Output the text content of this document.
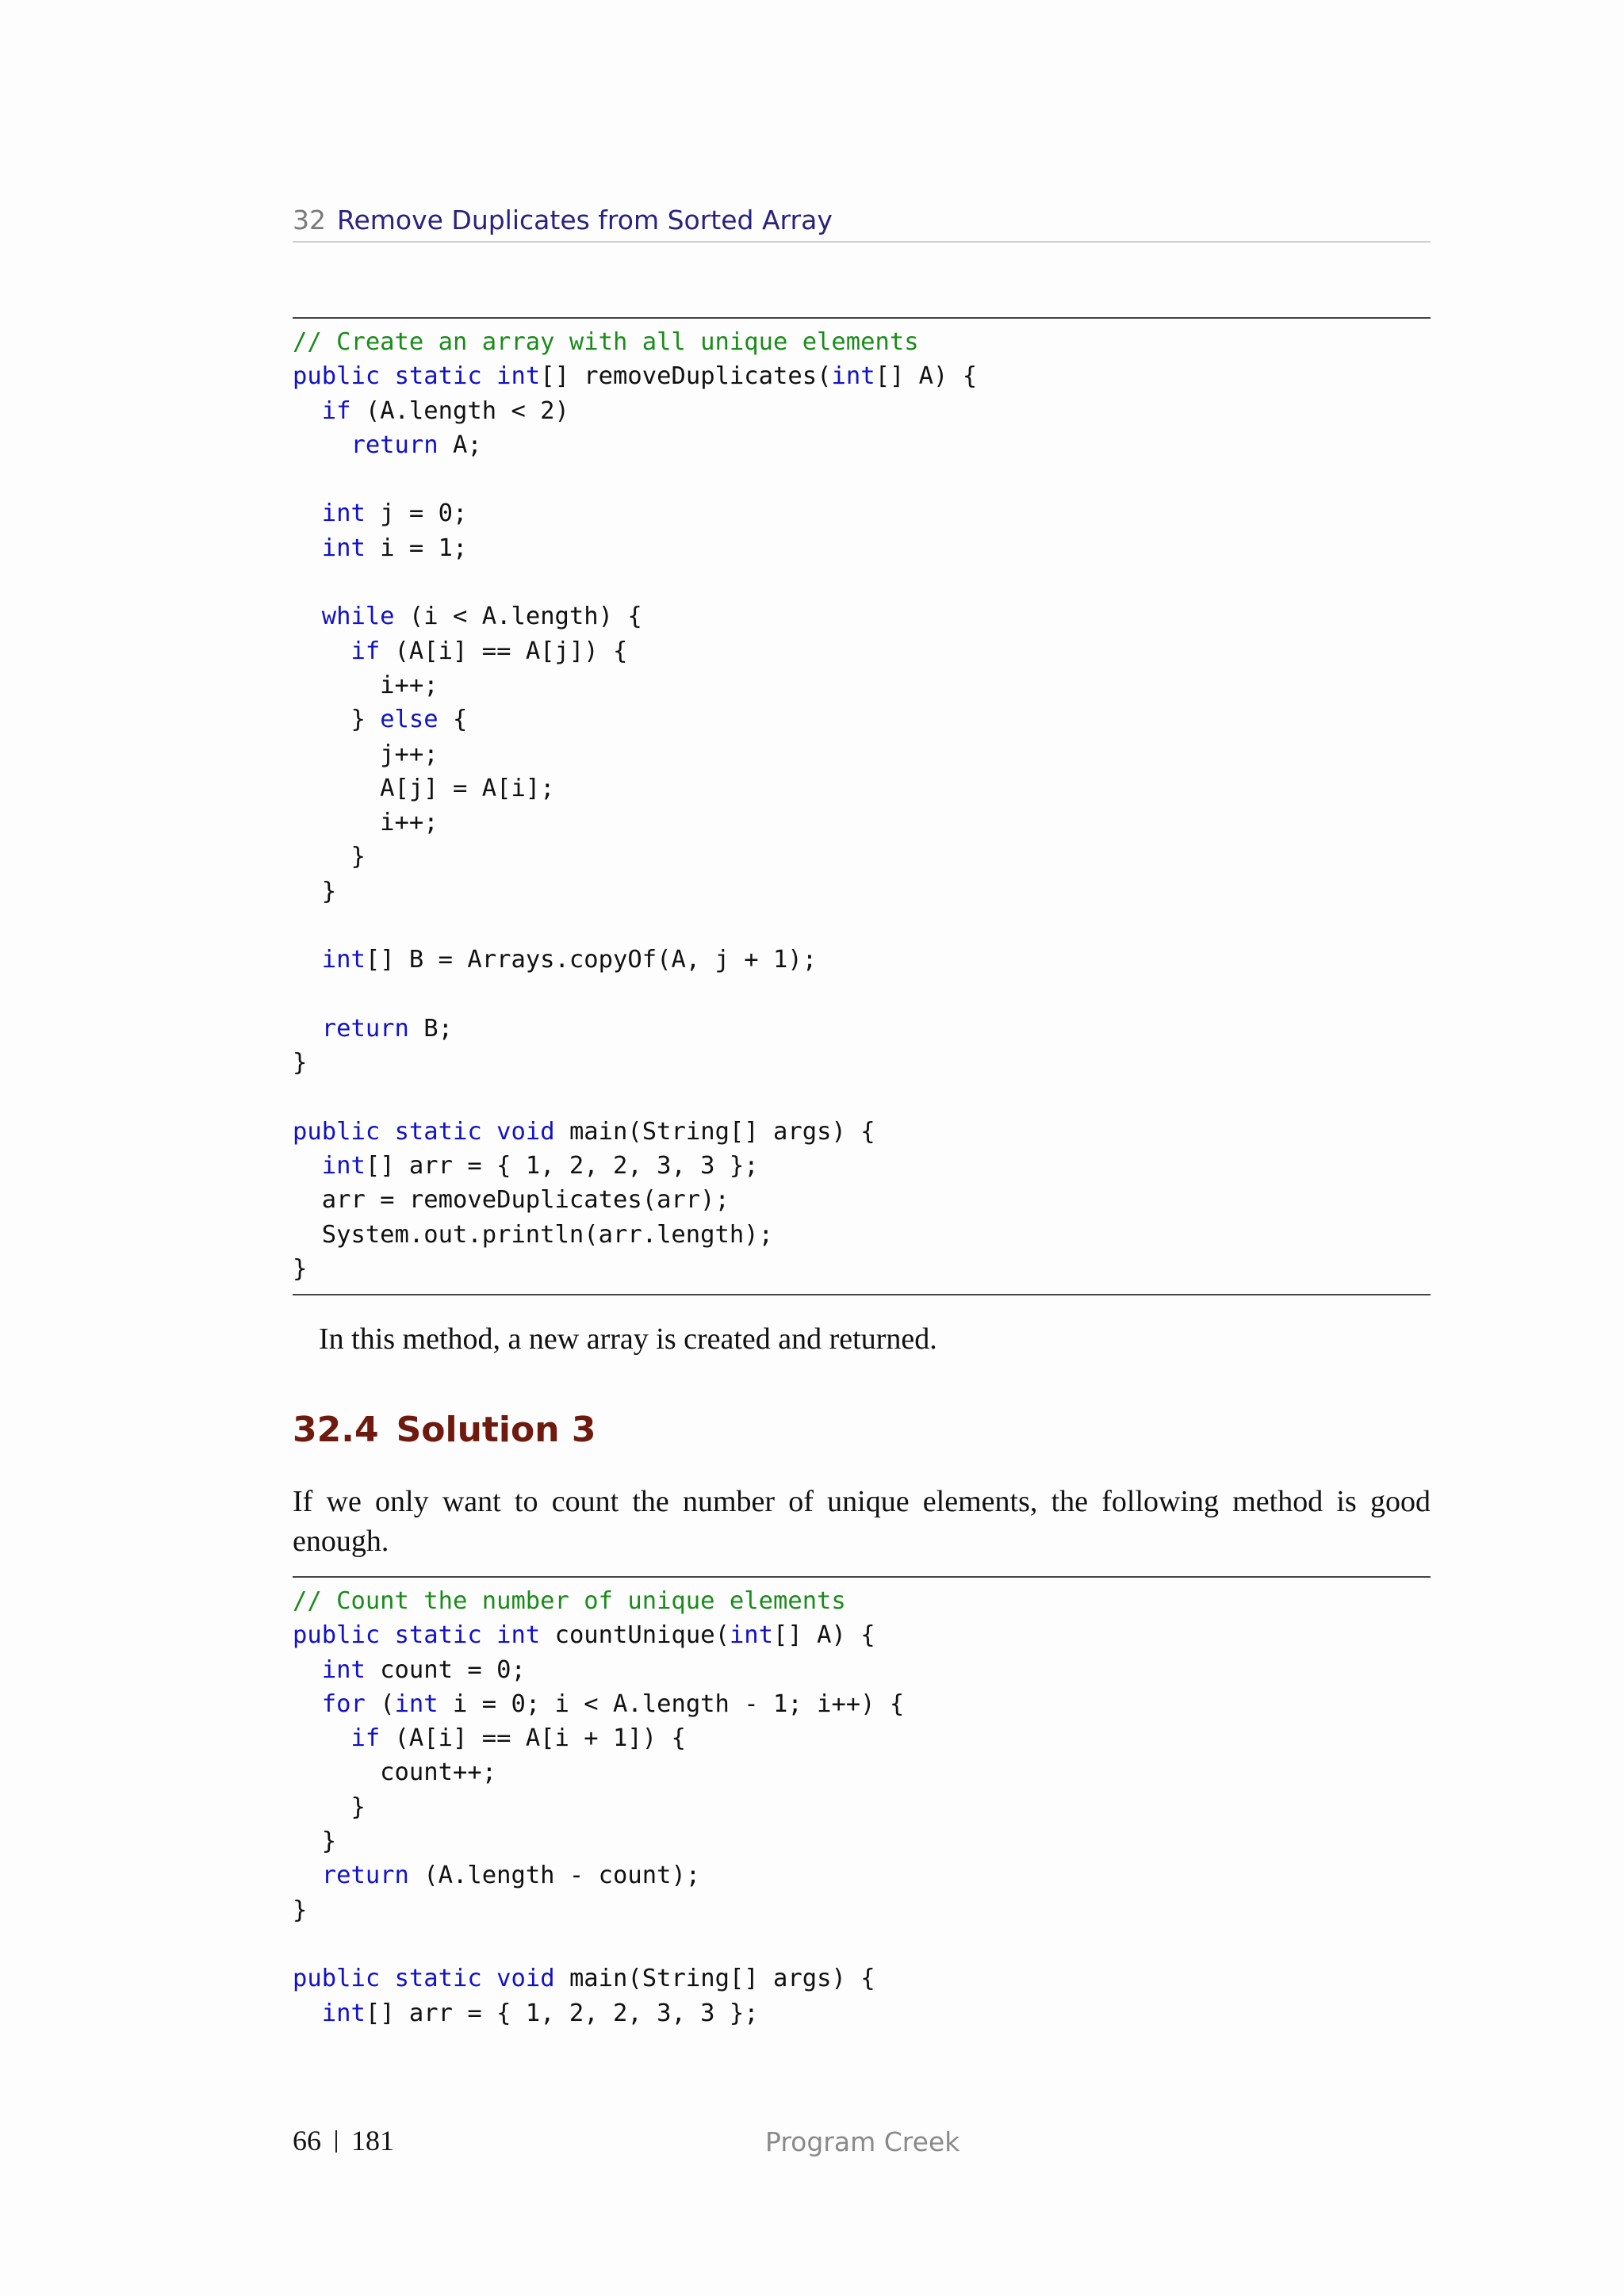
32 Remove Duplicates from Sorted Array
// Create an array with all unique elements
public static int[] removeDuplicates(int[] A) {
if (A.length < 2)
return A;

int j = 0;
int i = 1;

while (i < A.length) {
if (A[i] == A[j]) {
i++;
} else {
j++;
A[j] = A[i];
i++;
}
}

int[] B = Arrays.copyOf(A, j + 1);

return B;
}

public static void main(String[] args) {
int[] arr = { 1, 2, 2, 3, 3 };
arr = removeDuplicates(arr);
System.out.println(arr.length);
}
In this method, a new array is created and returned.
32.4 Solution 3
If we only want to count the number of unique elements, the following method is good enough.
// Count the number of unique elements
public static int countUnique(int[] A) {
int count = 0;
for (int i = 0; i < A.length - 1; i++) {
if (A[i] == A[i + 1]) {
count++;
}
}
return (A.length - count);
}

public static void main(String[] args) {
int[] arr = { 1, 2, 2, 3, 3 };
66 181	Program Creek
